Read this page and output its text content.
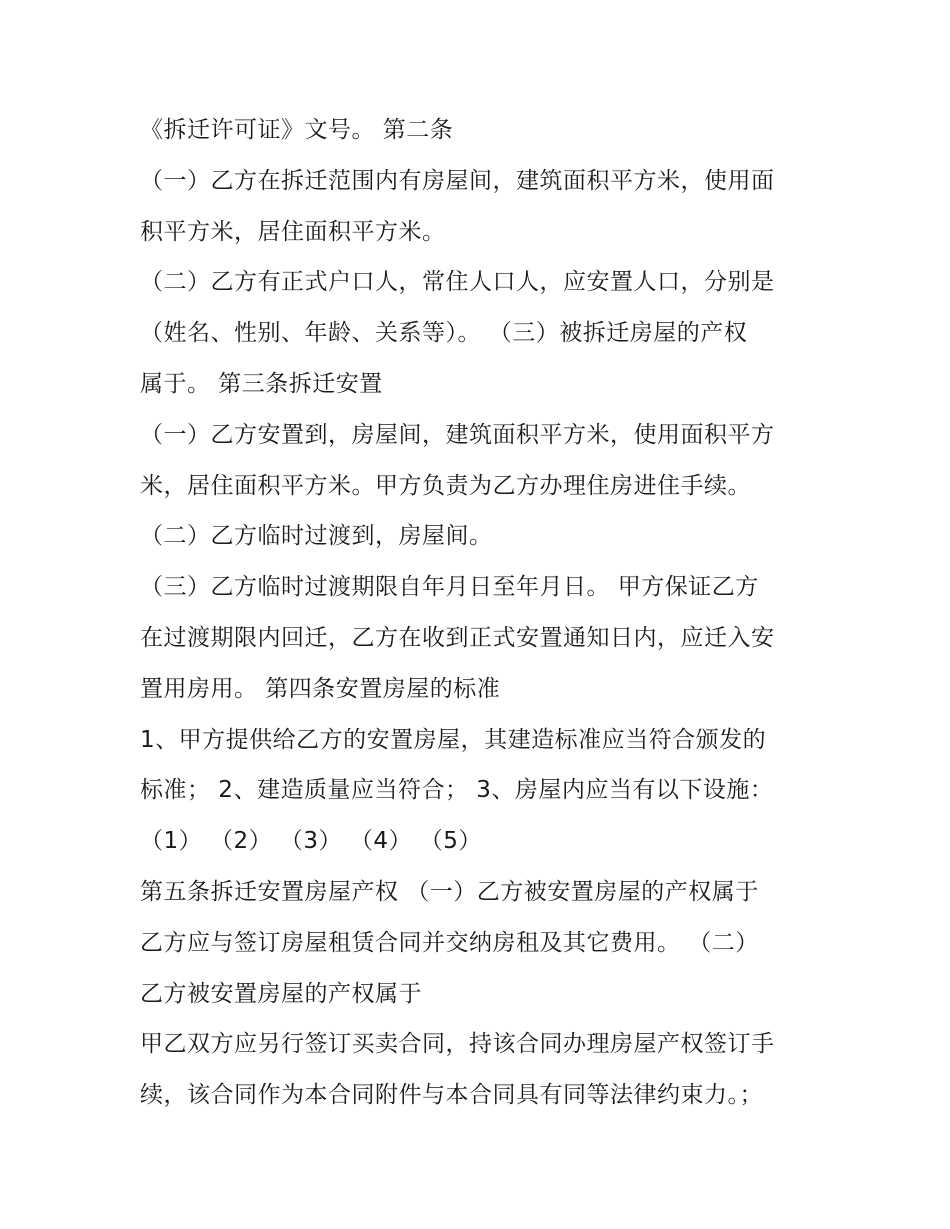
《拆迁许可证》文号。 第二条
（一）乙方在拆迁范围内有房屋间，建筑面积平方米，使用面
积平方米，居住面积平方米。
（二）乙方有正式户口人，常住人口人，应安置人口，分别是
（姓名、性别、年龄、关系等）。 （三）被拆迁房屋的产权
属于。 第三条拆迁安置
（一）乙方安置到，房屋间，建筑面积平方米，使用面积平方
米，居住面积平方米。甲方负责为乙方办理住房进住手续。
（二）乙方临时过渡到，房屋间。
（三）乙方临时过渡期限自年月日至年月日。 甲方保证乙方
在过渡期限内回迁，乙方在收到正式安置通知日内，应迁入安
置用房用。 第四条安置房屋的标准
1、甲方提供给乙方的安置房屋，其建造标准应当符合颁发的
标准； 2、建造质量应当符合； 3、房屋内应当有以下设施：
（1） （2） （3） （4） （5）
第五条拆迁安置房屋产权 （一）乙方被安置房屋的产权属于
乙方应与签订房屋租赁合同并交纳房租及其它费用。 （二）
乙方被安置房屋的产权属于
甲乙双方应另行签订买卖合同，持该合同办理房屋产权签订手
续，该合同作为本合同附件与本合同具有同等法律约束力。；
